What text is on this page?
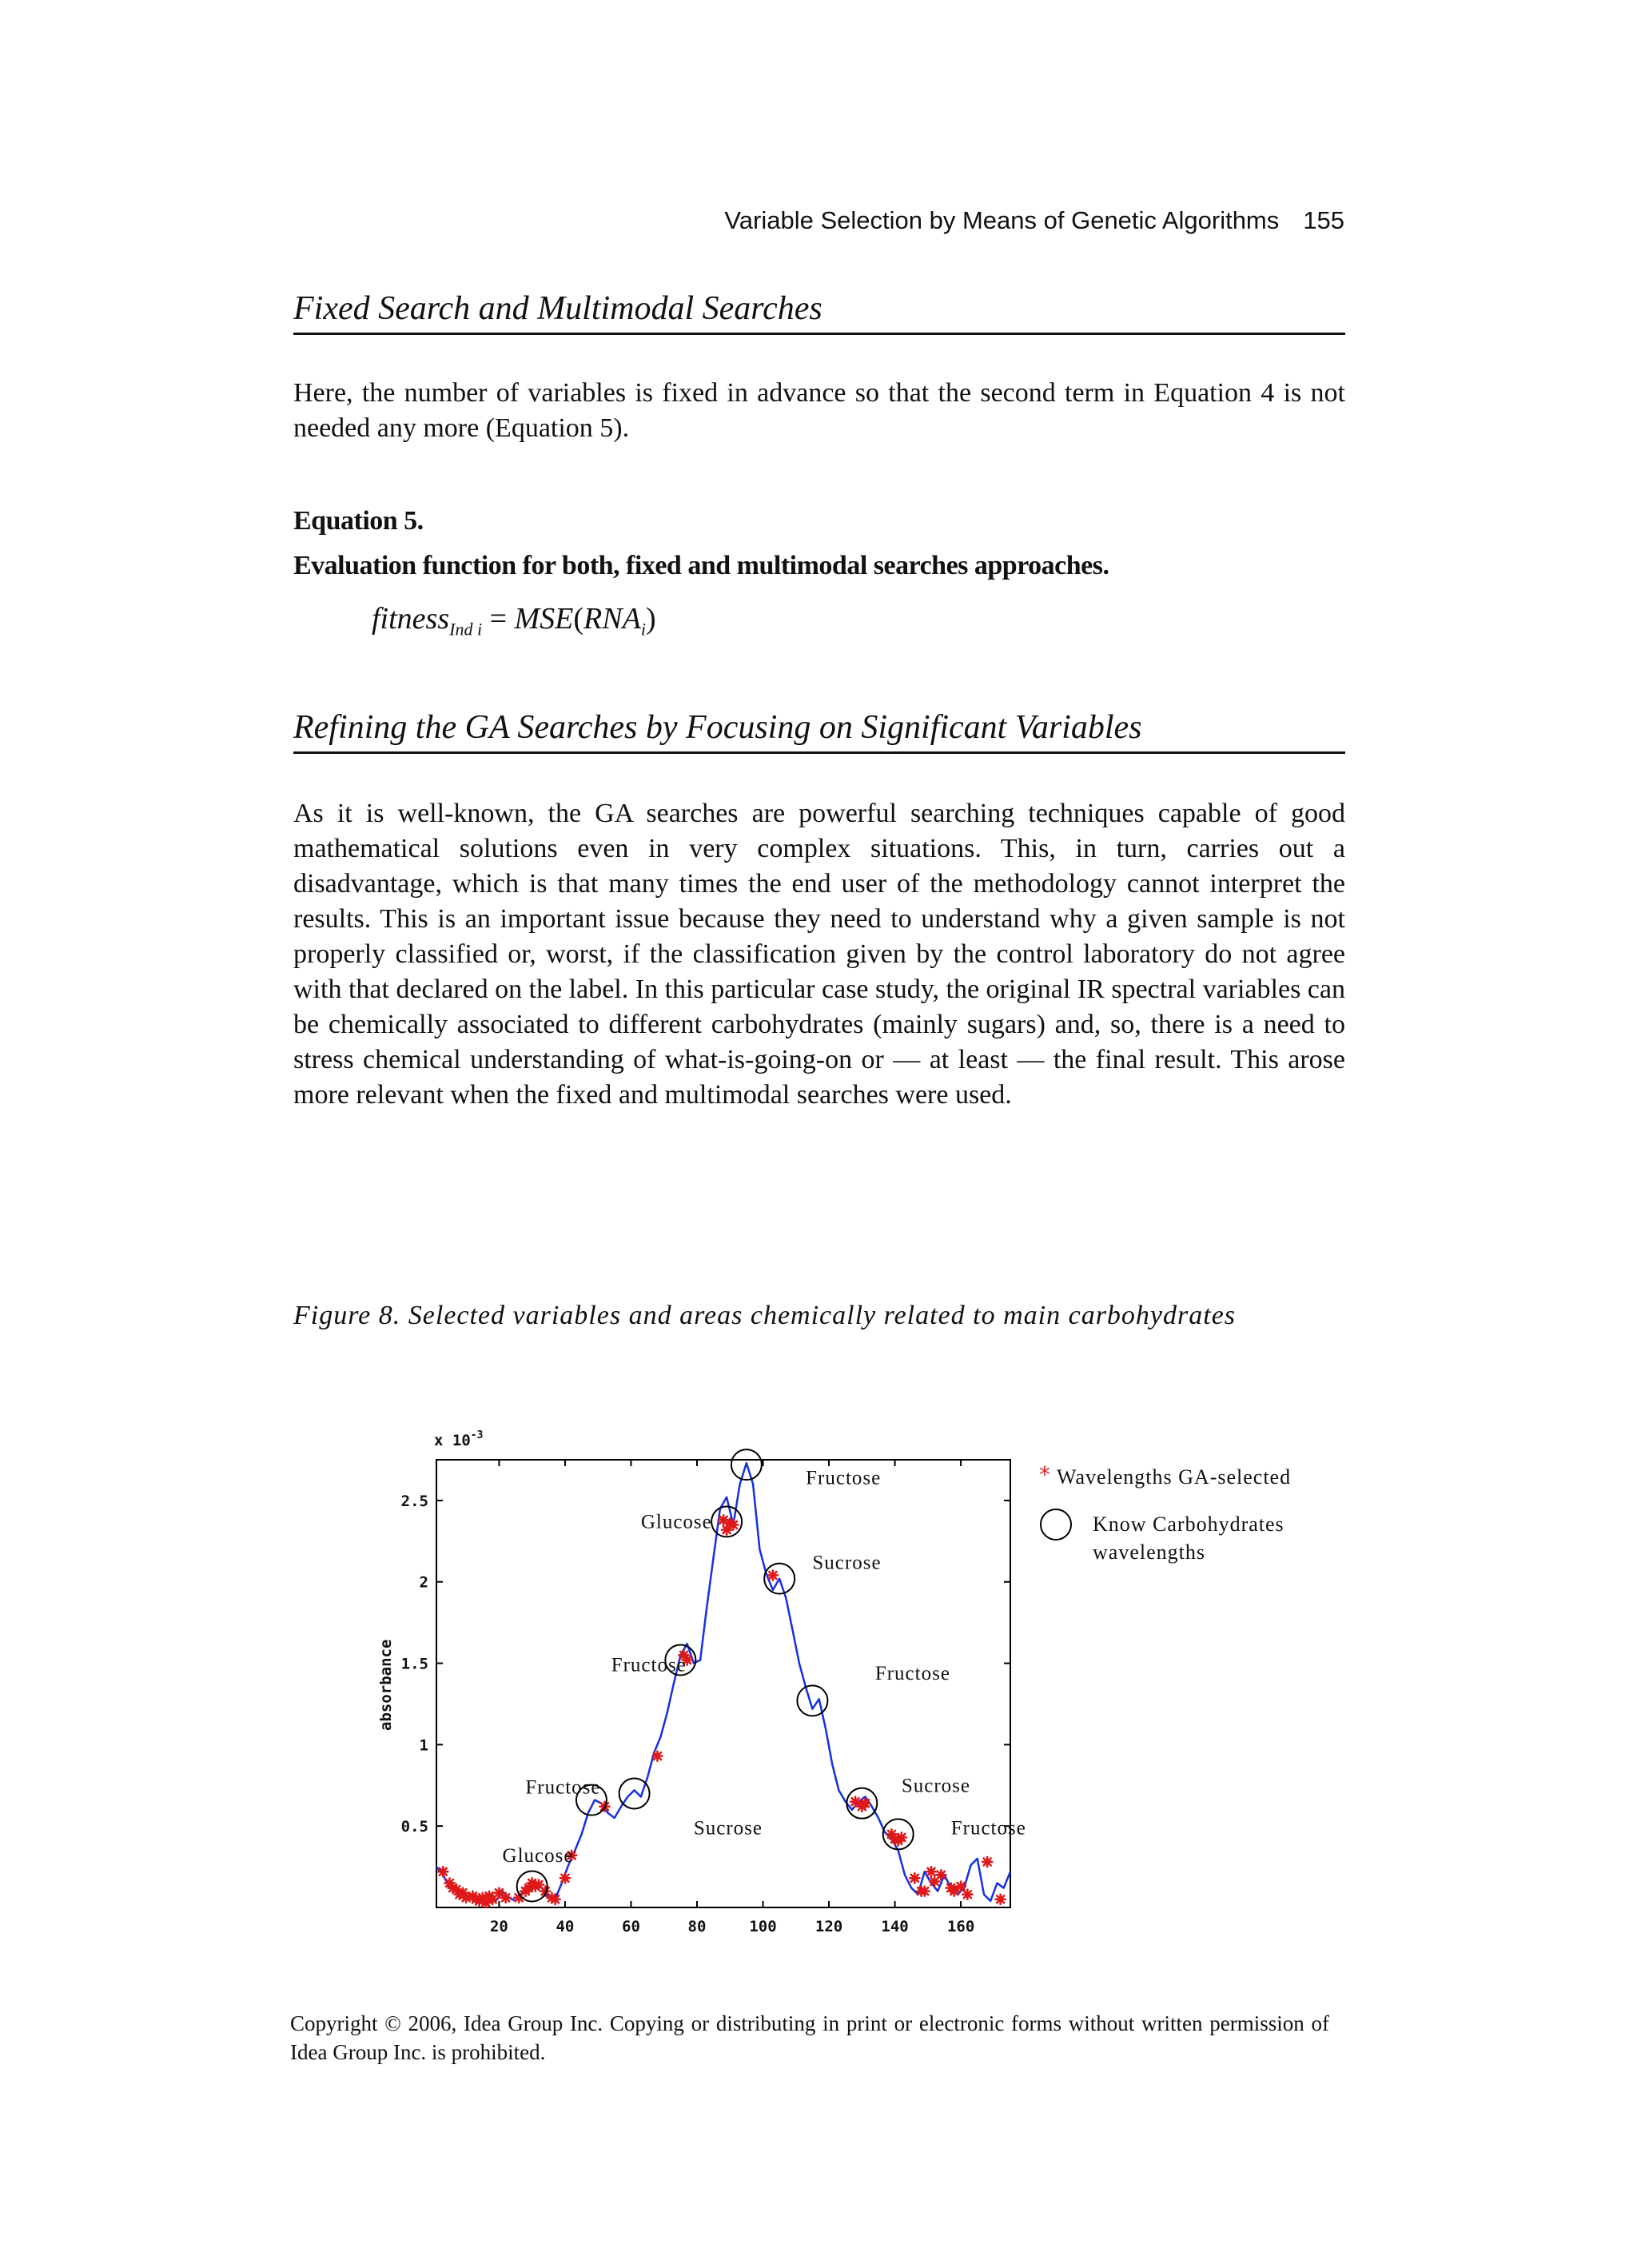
Variable Selection by Means of Genetic Algorithms 155
Fixed Search and Multimodal Searches

Here, the number of variables is fixed in advance so that the second term in Equation 4 is not needed any more (Equation 5).

Equation 5.
Evaluation function for both, fixed and multimodal searches approaches.
fitness$_{Ind i}$ = $MSE(RNA_i)$
Refining the GA Searches by Focusing on Significant Variables

As it is well-known, the GA searches are powerful searching techniques capable of good mathematical solutions even in very complex situations. This, in turn, carries out a disadvantage, which is that many times the end user of the methodology cannot interpret the results. This is an important issue because they need to understand why a given sample is not properly classified or, worst, if the classification given by the control laboratory do not agree with that declared on the label. In this particular case study, the original IR spectral variables can be chemically associated to different carbohydrates (mainly sugars) and, so, there is a need to stress chemical understanding of what-is-going-on or — at least — the final result. This arose more relevant when the fixed and multimodal searches were used.

Figure 8. Selected variables and areas chemically related to main carbohydrates
20	40	60	80	100	120	140	160
0.5
1
1.5
2
2.5
Glucose
Fructose
Sucrose
Fructose
Glucose
Fructose
Sucrose
Fructose
Sucrose
Fructose
x $10^{-3}$
absorbance
* Wavelengths GA-selected
Know Carbohydrates
wavelengths
Copyright © 2006, Idea Group Inc. Copying or distributing in print or electronic forms without written permission of Idea Group Inc. is prohibited.
